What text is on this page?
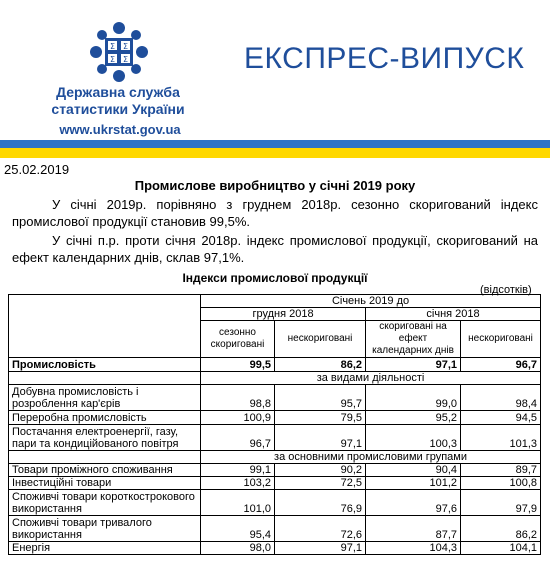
Σ Σ
Σ Σ
Державна служба
статистики України
www.ukrstat.gov.ua
ЕКСПРЕС-ВИПУСК
25.02.2019
Промислове виробництво у січні 2019 року
У січні 2019р. порівняно з груднем 2018р. сезонно скоригований індекс промислової продукції становив 99,5%.
У січні п.р. проти січня 2018р. індекс промислової продукції, скоригований на ефект календарних днів, склав 97,1%.
Індекси промислової продукції
(відсотків)
	Січень 2019 до			
	грудня 2018		січня 2018	
	сезонно скориговані	нескориговані	скориговані на ефект календарних днів	нескориговані
Промисловість	99,5	86,2	97,1	96,7
	за видами діяльності			
Добувна промисловість і розроблення кар'єрів	98,8	95,7	99,0	98,4
Переробна промисловість	100,9	79,5	95,2	94,5
Постачання електроенергії, газу, пари та кондиційованого повітря	96,7	97,1	100,3	101,3
	за основними промисловими групами			
Товари проміжного споживання	99,1	90,2	90,4	89,7
Інвестиційні товари	103,2	72,5	101,2	100,8
Споживчі товари короткострокового використання	101,0	76,9	97,6	97,9
Споживчі товари тривалого використання	95,4	72,6	87,7	86,2
Енергія	98,0	97,1	104,3	104,1
